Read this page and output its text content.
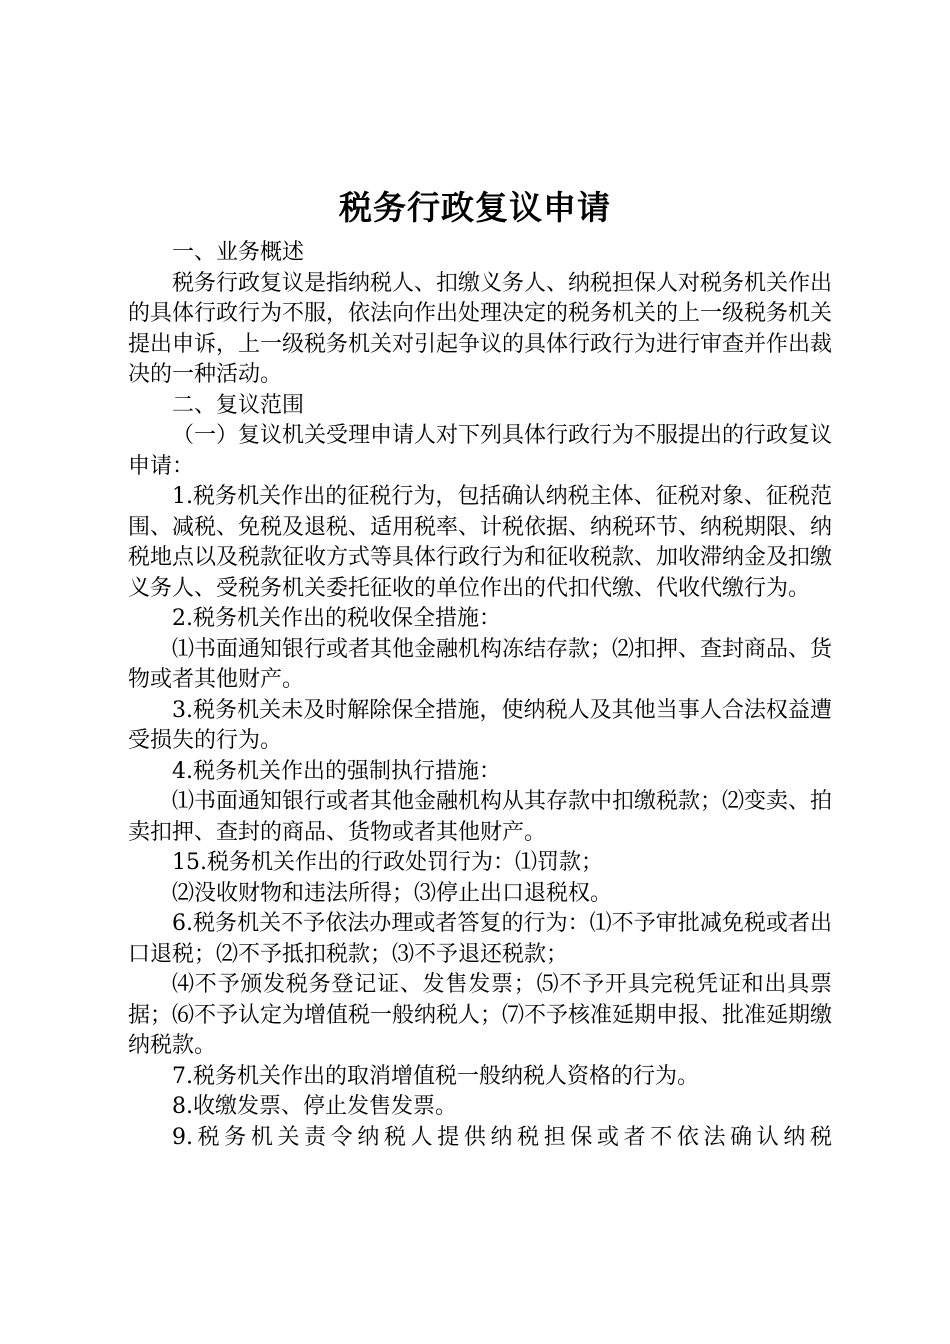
税务行政复议申请

一、业务概述

税务行政复议是指纳税人、扣缴义务人、纳税担保人对税务机关作出的具体行政行为不服，依法向作出处理决定的税务机关的上一级税务机关提出申诉，上一级税务机关对引起争议的具体行政行为进行审查并作出裁决的一种活动。

二、复议范围

（一）复议机关受理申请人对下列具体行政行为不服提出的行政复议申请：

1.税务机关作出的征税行为，包括确认纳税主体、征税对象、征税范围、减税、免税及退税、适用税率、计税依据、纳税环节、纳税期限、纳税地点以及税款征收方式等具体行政行为和征收税款、加收滞纳金及扣缴义务人、受税务机关委托征收的单位作出的代扣代缴、代收代缴行为。

2.税务机关作出的税收保全措施：

⑴书面通知银行或者其他金融机构冻结存款；⑵扣押、查封商品、货物或者其他财产。

3.税务机关未及时解除保全措施，使纳税人及其他当事人合法权益遭受损失的行为。

4.税务机关作出的强制执行措施：

⑴书面通知银行或者其他金融机构从其存款中扣缴税款；⑵变卖、拍卖扣押、查封的商品、货物或者其他财产。

15.税务机关作出的行政处罚行为：⑴罚款；

⑵没收财物和违法所得；⑶停止出口退税权。

6.税务机关不予依法办理或者答复的行为：⑴不予审批减免税或者出口退税；⑵不予抵扣税款；⑶不予退还税款；

⑷不予颁发税务登记证、发售发票；⑸不予开具完税凭证和出具票据；⑹不予认定为增值税一般纳税人；⑺不予核准延期申报、批准延期缴纳税款。

7.税务机关作出的取消增值税一般纳税人资格的行为。

8.收缴发票、停止发售发票。

9.税务机关责令纳税人提供纳税担保或者不依法确认纳税
